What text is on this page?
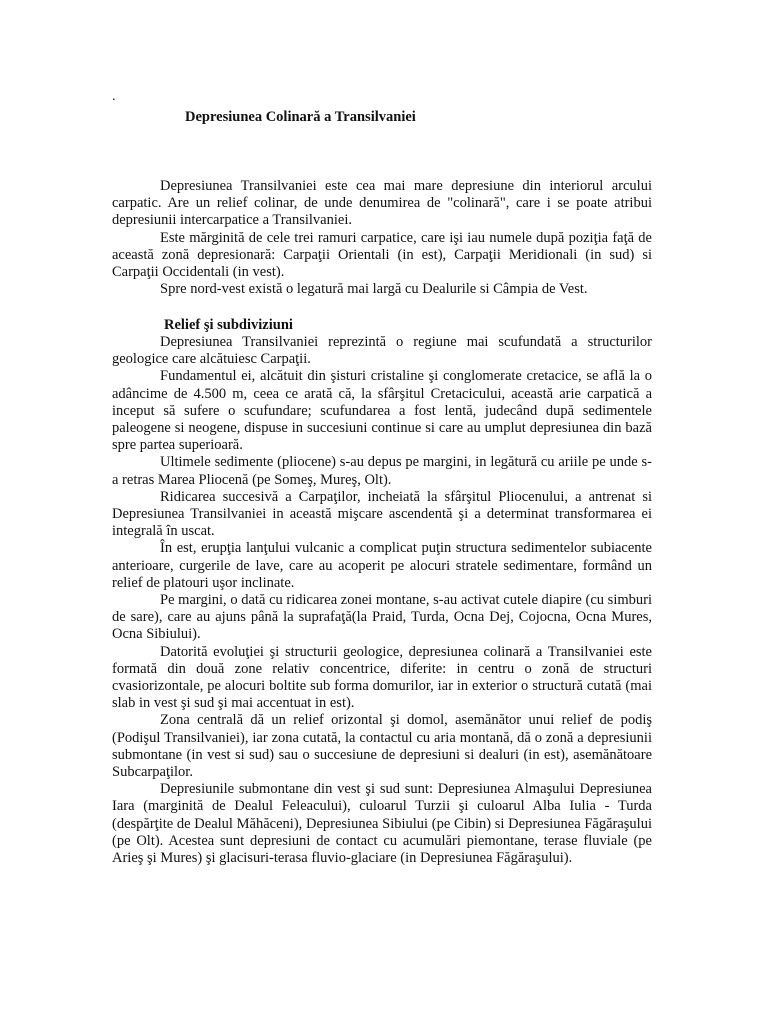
.
Depresiunea Colinară a Transilvaniei

Depresiunea Transilvaniei este cea mai mare depresiune din interiorul arcului carpatic. Are un relief colinar, de unde denumirea de "colinară", care i se poate atribui depresiunii intercarpatice a Transilvaniei.

Este mărginită de cele trei ramuri carpatice, care işi iau numele după poziţia faţă de această zonă depresionară: Carpaţii Orientali (in est), Carpaţii Meridionali (in sud) si Carpaţii Occidentali (in vest).

Spre nord-vest există o legatură mai largă cu Dealurile si Câmpia de Vest.

Relief şi subdiviziuni

Depresiunea Transilvaniei reprezintă o regiune mai scufundată a structurilor geologice care alcătuiesc Carpaţii.

Fundamentul ei, alcătuit din şisturi cristaline şi conglomerate cretacice, se află la o adâncime de 4.500 m, ceea ce arată că, la sfârşitul Cretacicului, această arie carpatică a inceput să sufere o scufundare; scufundarea a fost lentă, judecând după sedimentele paleogene si neogene, dispuse in succesiuni continue si care au umplut depresiunea din bază spre partea superioară.

Ultimele sedimente (pliocene) s-au depus pe margini, in legătură cu ariile pe unde s-a retras Marea Pliocenă (pe Someş, Mureş, Olt).

Ridicarea succesivă a Carpaţilor, incheiată la sfârşitul Pliocenului, a antrenat si Depresiunea Transilvaniei in această mişcare ascendentă şi a determinat transformarea ei integrală în uscat.

În est, erupţia lanţului vulcanic a complicat puţin structura sedimentelor subiacente anterioare, curgerile de lave, care au acoperit pe alocuri stratele sedimentare, formând un relief de platouri uşor inclinate.

Pe margini, o dată cu ridicarea zonei montane, s-au activat cutele diapire (cu simburi de sare), care au ajuns până la suprafaţă(la Praid, Turda, Ocna Dej, Cojocna, Ocna Mures, Ocna Sibiului).

Datorită evoluţiei şi structurii geologice, depresiunea colinară a Transilvaniei este formată din două zone relativ concentrice, diferite: in centru o zonă de structuri cvasiorizontale, pe alocuri boltite sub forma domurilor, iar in exterior o structură cutată (mai slab in vest şi sud şi mai accentuat in est).

Zona centrală dă un relief orizontal şi domol, asemănător unui relief de podiş (Podişul Transilvaniei), iar zona cutată, la contactul cu aria montană, dă o zonă a depresiunii submontane (in vest si sud) sau o succesiune de depresiuni si dealuri (in est), asemănătoare Subcarpaţilor.

Depresiunile submontane din vest şi sud sunt: Depresiunea Almaşului Depresiunea Iara (marginită de Dealul Feleacului), culoarul Turzii şi culoarul Alba Iulia - Turda (despărţite de Dealul Măhăceni), Depresiunea Sibiului (pe Cibin) si Depresiunea Făgăraşului (pe Olt). Acestea sunt depresiuni de contact cu acumulări piemontane, terase fluviale (pe Arieş şi Mures) şi glacisuri-terasa fluvio-glaciare (in Depresiunea Făgăraşului).
